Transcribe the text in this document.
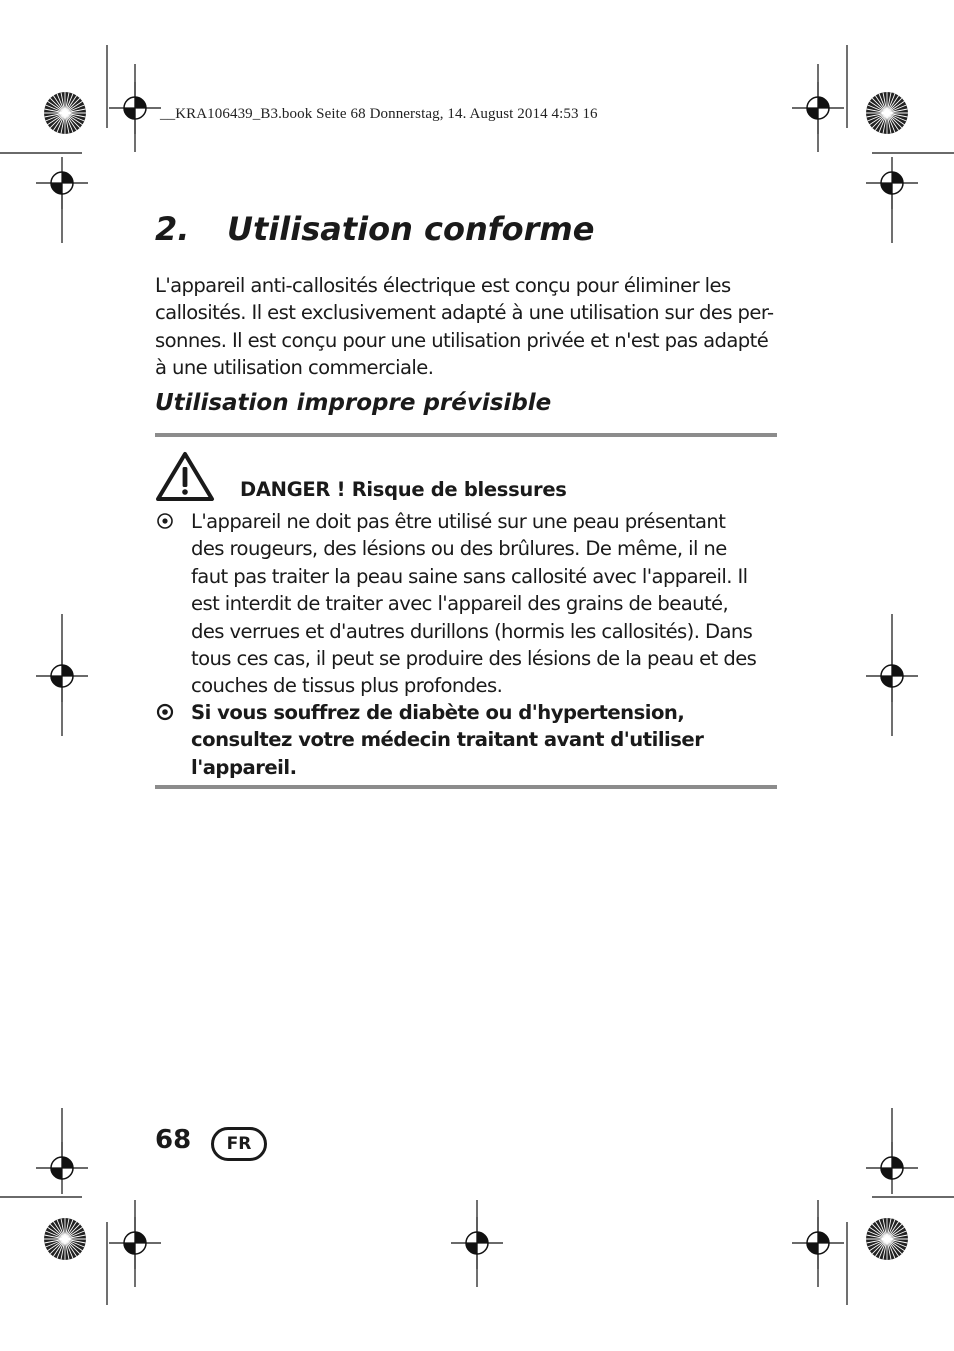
__KRA106439_B3.book Seite 68 Donnerstag, 14. August 2014 4:53 16
2. Utilisation conforme

L'appareil anti-callosités électrique est conçu pour éliminer les
callosités. Il est exclusivement adapté à une utilisation sur des per-
sonnes. Il est conçu pour une utilisation privée et n'est pas adapté
à une utilisation commerciale.

Utilisation impropre prévisible

DANGER ! Risque de blessures

L'appareil ne doit pas être utilisé sur une peau présentant
des rougeurs, des lésions ou des brûlures. De même, il ne
faut pas traiter la peau saine sans callosité avec l'appareil. Il
est interdit de traiter avec l'appareil des grains de beauté,
des verrues et d'autres durillons (hormis les callosités). Dans
tous ces cas, il peut se produire des lésions de la peau et des
couches de tissus plus profondes.
Si vous souffrez de diabète ou d'hypertension,
consultez votre médecin traitant avant d'utiliser
l'appareil.

68	FR
